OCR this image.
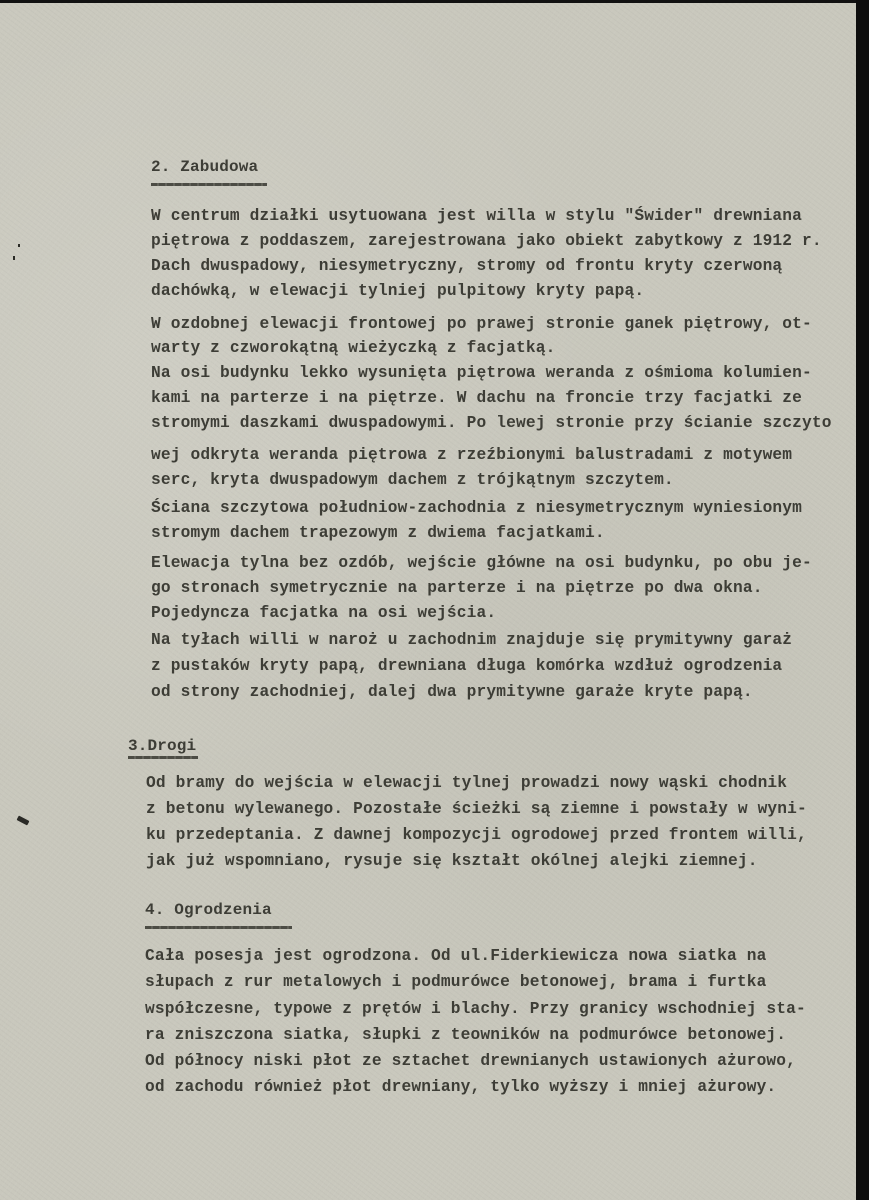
2. Zabudowa
W centrum działki usytuowana jest willa w stylu "Świder" drewniana
piętrowa z poddaszem, zarejestrowana jako obiekt zabytkowy z 1912 r.
Dach dwuspadowy, niesymetryczny, stromy od frontu kryty czerwoną
dachówką, w elewacji tylniej pulpitowy kryty papą.
W ozdobnej elewacji frontowej po prawej stronie ganek piętrowy, ot-
warty z czworokątną wieżyczką z facjatką.
Na osi budynku lekko wysunięta piętrowa weranda z ośmioma kolumien-
kami na parterze i na piętrze. W dachu na froncie trzy facjatki ze
stromymi daszkami dwuspadowymi. Po lewej stronie przy ścianie szczyto
wej odkryta weranda piętrowa z rzeźbionymi balustradami z motywem
serc, kryta dwuspadowym dachem z trójkątnym szczytem.
Ściana szczytowa południow-zachodnia z niesymetrycznym wyniesionym
stromym dachem trapezowym z dwiema facjatkami.
Elewacja tylna bez ozdób, wejście główne na osi budynku, po obu je-
go stronach symetrycznie na parterze i na piętrze po dwa okna.
Pojedyncza facjatka na osi wejścia.
Na tyłach willi w naroż u zachodnim znajduje się prymitywny garaż
z pustaków kryty papą, drewniana długa komórka wzdłuż ogrodzenia
od strony zachodniej, dalej dwa prymitywne garaże kryte papą.
3.Drogi
Od bramy do wejścia w elewacji tylnej prowadzi nowy wąski chodnik
z betonu wylewanego. Pozostałe ścieżki są ziemne i powstały w wyni-
ku przedeptania. Z dawnej kompozycji ogrodowej przed frontem willi,
jak już wspomniano, rysuje się kształt okólnej alejki ziemnej.
4. Ogrodzenia
Cała posesja jest ogrodzona. Od ul.Fiderkiewicza nowa siatka na
słupach z rur metalowych i podmurówce betonowej, brama i furtka
współczesne, typowe z prętów i blachy. Przy granicy wschodniej sta-
ra zniszczona siatka, słupki z teowników na podmurówce betonowej.
Od północy niski płot ze sztachet drewnianych ustawionych ażurowo,
od zachodu również płot drewniany, tylko wyższy i mniej ażurowy.
